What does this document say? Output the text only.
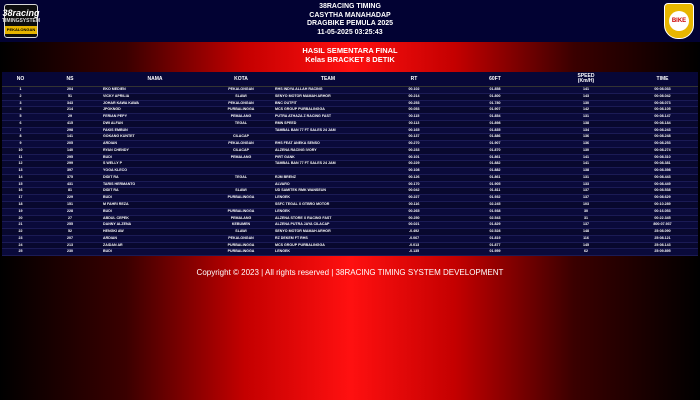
38racing
TIMINGSYSTEM
PEKALONGAN
38RACING TIMING
CASYTHA MANAHADAP
DRAGBIKE PEMULA 2025
11-05-2025 03:25:43
BIKE
HASIL SEMENTARA FINAL
Kelas BRACKET 8 DETIK
NO	NS	NAMA	KOTA	TEAM	RT	60FT	SPEED
(Km/H)	TIME
1	204	EKO MEDIEN	PEKALONGAN	RHS INDYA ALLAH RACING	00.102	01.858	141	00:08.033
2	51	VICKY APRILIA	SLAWI	SENYO MOTOR MAMAH ARHOR	00.214	01.800	143	00:08.042
3	343	JOHAR KAWA KAWA	PEKALONGAN	BNC OUTFIT	00.253	01.780	130	00:08.073
4	214	JPOKNGD	PURBALINGGA	MCS GROUP PURBALINGGA	00.053	01.907	142	00:08.105
5	29	FERIAN PEPY	PEMALANG	PUTRA ATHAZA Z RACING FAST	00.115	01.854	131	00:08.147
6	415	DWI ALFAN	TEGAL	RMN SPEED	00.113	01.898	138	00:08.184
7	298	FAKIS EMBUN		TAMBAL BAN 77 FT SALES 24 JAM	00.165	01.835	134	00:08.243
8	141	GOKANG KUNTET	CILACAP		00.137	01.886	136	00:08.248
9	205	ARDIAN	PEKALONGAN	RHS FEAT ANEKA SENSO	00.270	01.907	136	00:08.253
10	140	RYAN CHENDY	CILACAP	ALZENA RACING IVORY	00.233	01.870	130	00:08.274
11	295	BUDI	PEMALANG	PIRT GANK	00.101	01.861	141	00:08.310
12	299	S WELLY P		TAMBAL BAN 77 FT SALES 24 JAM	00.229	01.882	141	00:08.381
13	397	YOGA KLECO			00.108	01.882	138	00:08.398
14	375	DIDIT RA	TEGAL	RJM BRENZ	00.126	01.861	131	00:08.443
15	431	TARIS HERMANTO		ALVARO	00.170	01.905	133	00:08.449
16	81	DIDIT RA	SLAWI	UD SAMITEK RMK WANSEUN	00.042	01.811	137	00:08.538
17	229	BUDI	PURBALINGGA	LENGEK	00.227	01.932	137	00:08.629
18	151	M FAHRI REZA		SSFC TEGAL X GTBRO MOTOR	00.116	02.245	103	00:10.289
19	228	BUDI	PURBALINGGA	LENGEK	00.265	01.938	30	00:16.053
20	27	ABDUL CEPEK	PEMALANG	ALZENA STORE X RACING FAST	00.250	02.543	31	00:22.345
21	255	DANNY ALZENA	KEBUMEN	ALZENA PUTRA JAYA CILACAP	00.021	01.829	137	800:07.937
22	52	HENGKI AW	SLAWI	SENYO MOTOR MAMAH ARHOR	-0.492	02.528	148	25:08.090
23	207	ARDIAN	PEKALONGAN	RZ DEKEM FT RHS	-0.067	01.819	116	25:08.121
24	213	ZAIDAN AR	PURBALINGGA	MCS GROUP PURBALINGGA	-0.013	01.877	145	25:08.143
25	230	BUDI	PURBALINGGA	LENGEK	-0.135	01.959	62	25:09.895
Copyright © 2023 | All rights reserved | 38RACING TIMING SYSTEM DEVELOPMENT
